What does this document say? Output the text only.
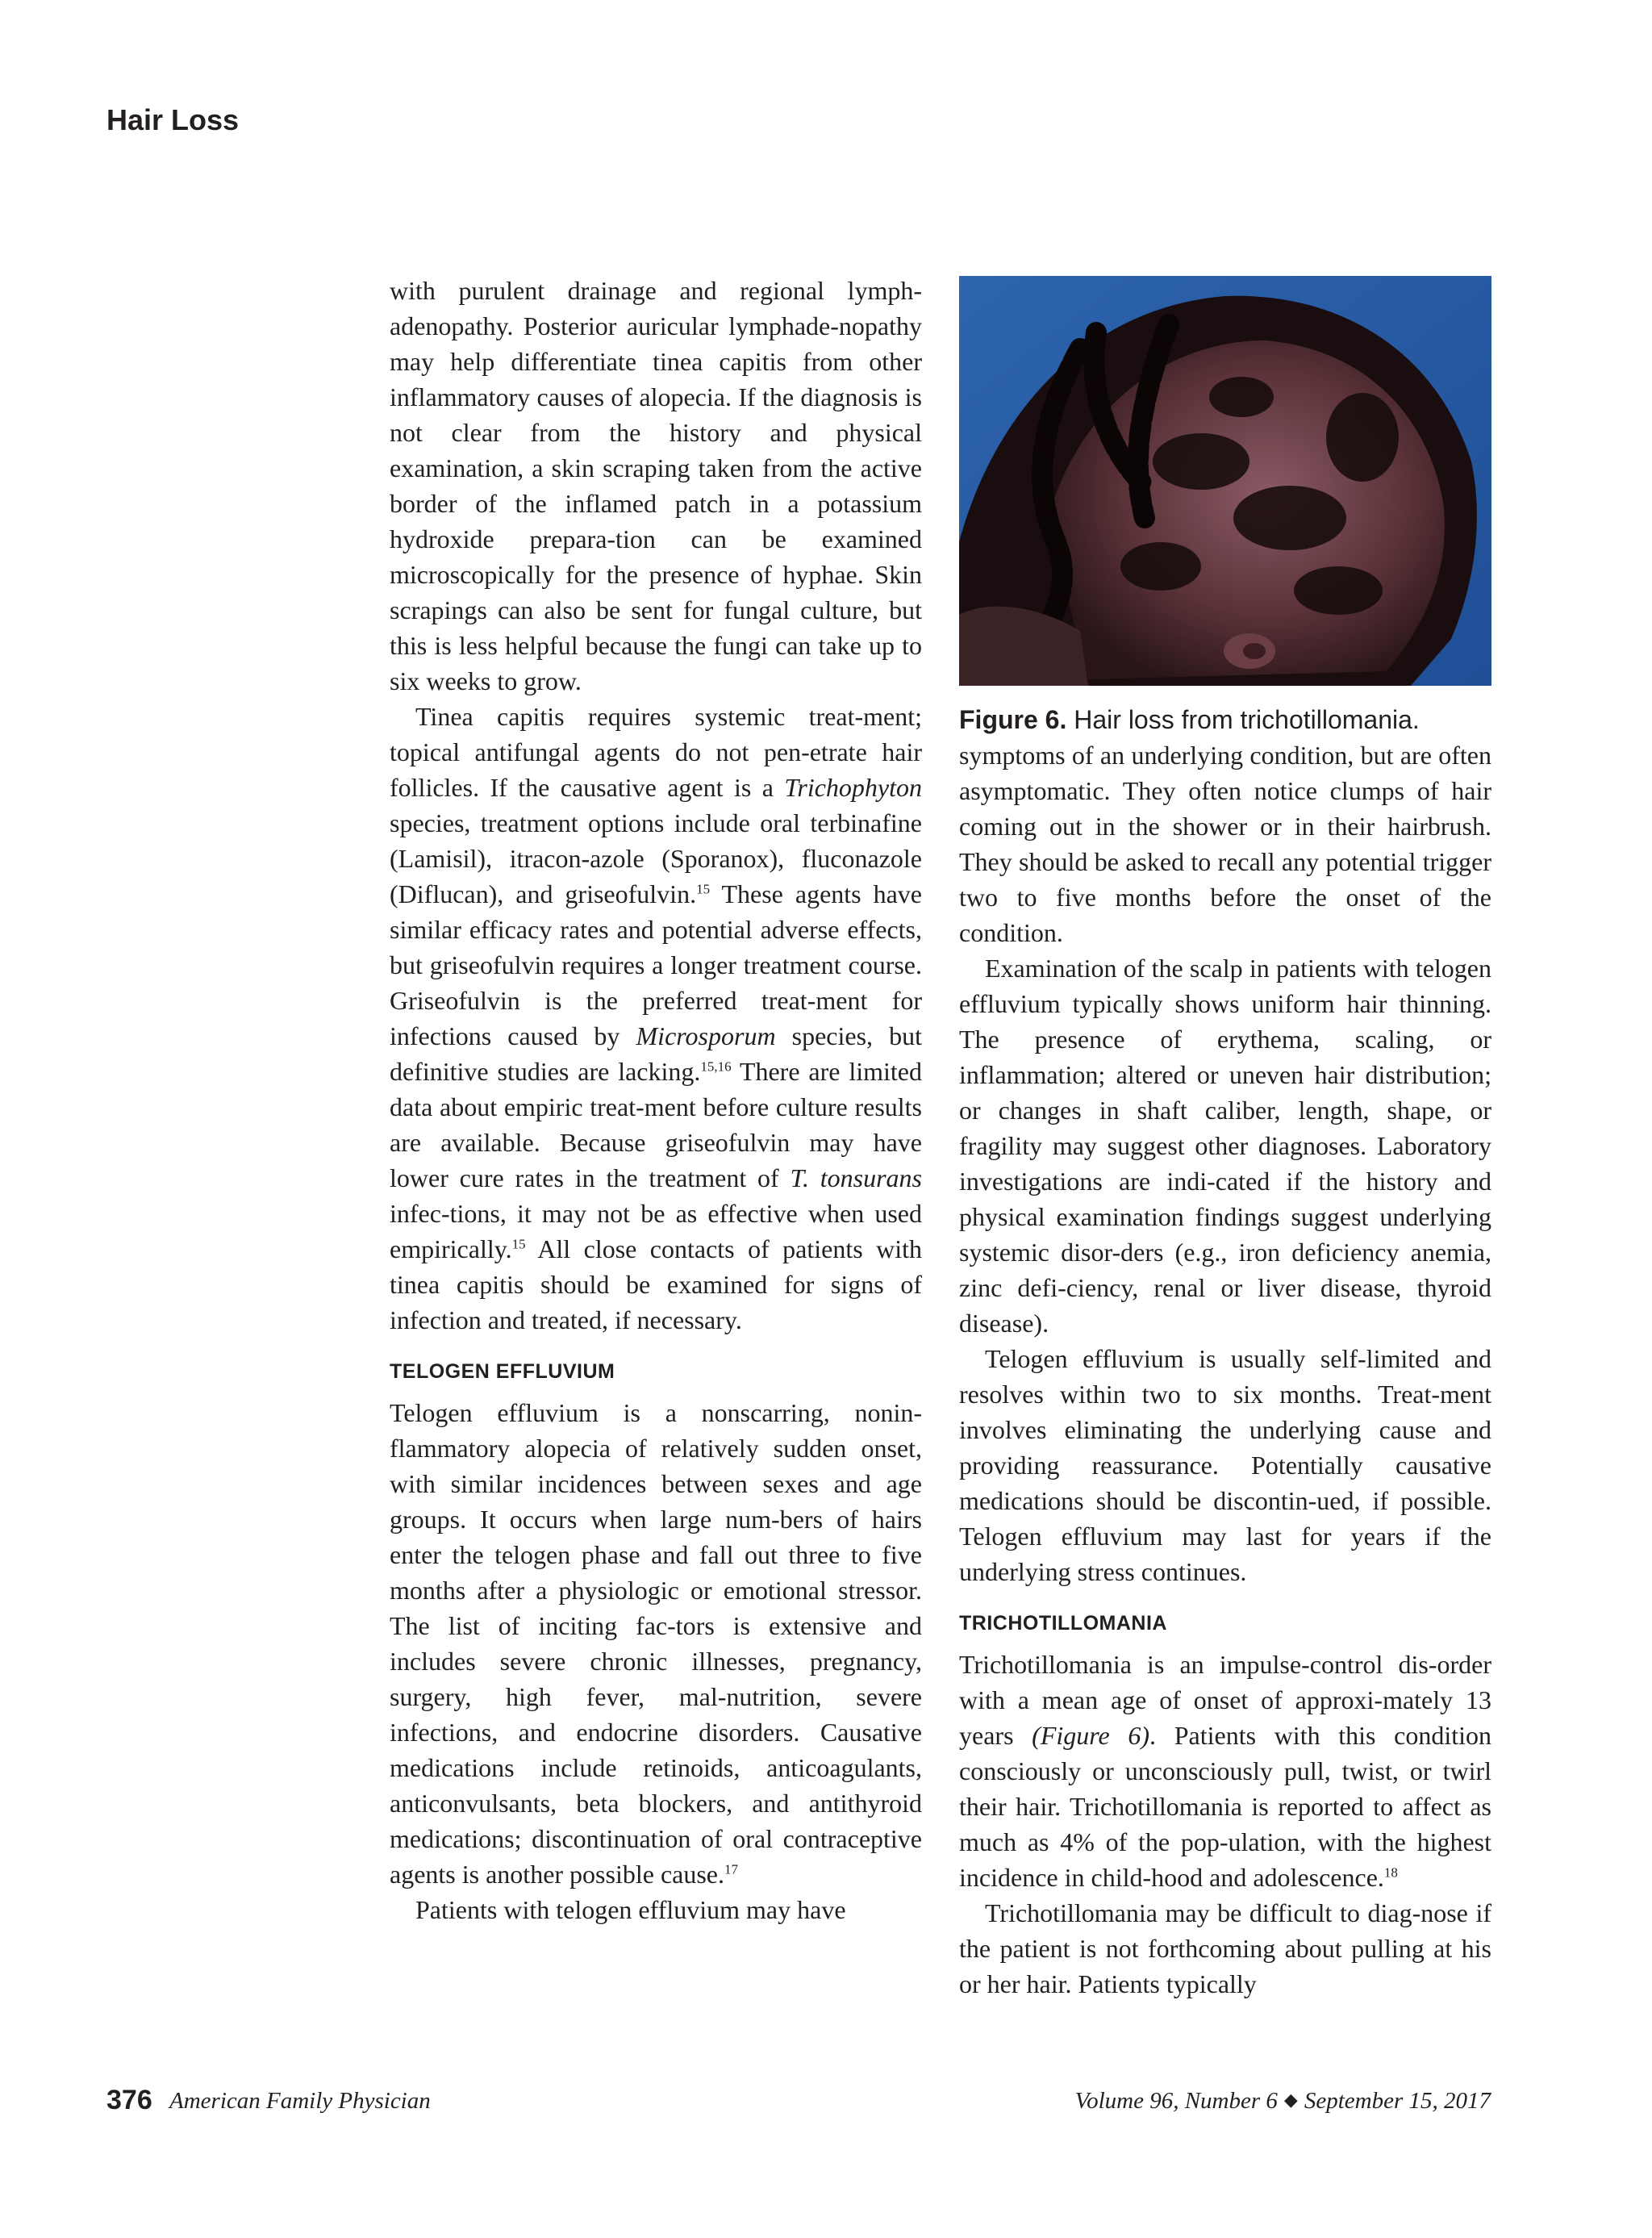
Hair Loss

with purulent drainage and regional lymph-adenopathy. Posterior auricular lymphade-nopathy may help differentiate tinea capitis from other inflammatory causes of alopecia. If the diagnosis is not clear from the history and physical examination, a skin scraping taken from the active border of the inflamed patch in a potassium hydroxide prepara-tion can be examined microscopically for the presence of hyphae. Skin scrapings can also be sent for fungal culture, but this is less helpful because the fungi can take up to six weeks to grow.

Tinea capitis requires systemic treat-ment; topical antifungal agents do not pen-etrate hair follicles. If the causative agent is a Trichophyton species, treatment options include oral terbinafine (Lamisil), itracon-azole (Sporanox), fluconazole (Diflucan), and griseofulvin.$^{15}$ These agents have similar efficacy rates and potential adverse effects, but griseofulvin requires a longer treatment course. Griseofulvin is the preferred treat-ment for infections caused by Microsporum species, but definitive studies are lacking.$^{15,16}$ There are limited data about empiric treat-ment before culture results are available. Because griseofulvin may have lower cure rates in the treatment of T. tonsurans infec-tions, it may not be as effective when used empirically.$^{15}$ All close contacts of patients with tinea capitis should be examined for signs of infection and treated, if necessary.

TELOGEN EFFLUVIUM

Telogen effluvium is a nonscarring, nonin-flammatory alopecia of relatively sudden onset, with similar incidences between sexes and age groups. It occurs when large num-bers of hairs enter the telogen phase and fall out three to five months after a physiologic or emotional stressor. The list of inciting fac-tors is extensive and includes severe chronic illnesses, pregnancy, surgery, high fever, mal-nutrition, severe infections, and endocrine disorders. Causative medications include retinoids, anticoagulants, anticonvulsants, beta blockers, and antithyroid medications; discontinuation of oral contraceptive agents is another possible cause.$^{17}$

Patients with telogen effluvium may have

Figure 6. Hair loss from trichotillomania.

symptoms of an underlying condition, but are often asymptomatic. They often notice clumps of hair coming out in the shower or in their hairbrush. They should be asked to recall any potential trigger two to five months before the onset of the condition.

Examination of the scalp in patients with telogen effluvium typically shows uniform hair thinning. The presence of erythema, scaling, or inflammation; altered or uneven hair distribution; or changes in shaft caliber, length, shape, or fragility may suggest other diagnoses. Laboratory investigations are indi-cated if the history and physical examination findings suggest underlying systemic disor-ders (e.g., iron deficiency anemia, zinc defi-ciency, renal or liver disease, thyroid disease).

Telogen effluvium is usually self-limited and resolves within two to six months. Treat-ment involves eliminating the underlying cause and providing reassurance. Potentially causative medications should be discontin-ued, if possible. Telogen effluvium may last for years if the underlying stress continues.

TRICHOTILLOMANIA

Trichotillomania is an impulse-control dis-order with a mean age of onset of approxi-mately 13 years (Figure 6). Patients with this condition consciously or unconsciously pull, twist, or twirl their hair. Trichotillomania is reported to affect as much as 4% of the pop-ulation, with the highest incidence in child-hood and adolescence.$^{18}$

Trichotillomania may be difficult to diag-nose if the patient is not forthcoming about pulling at his or her hair. Patients typically

376 American Family Physician	Volume 96, Number 6 ◆ September 15, 2017
